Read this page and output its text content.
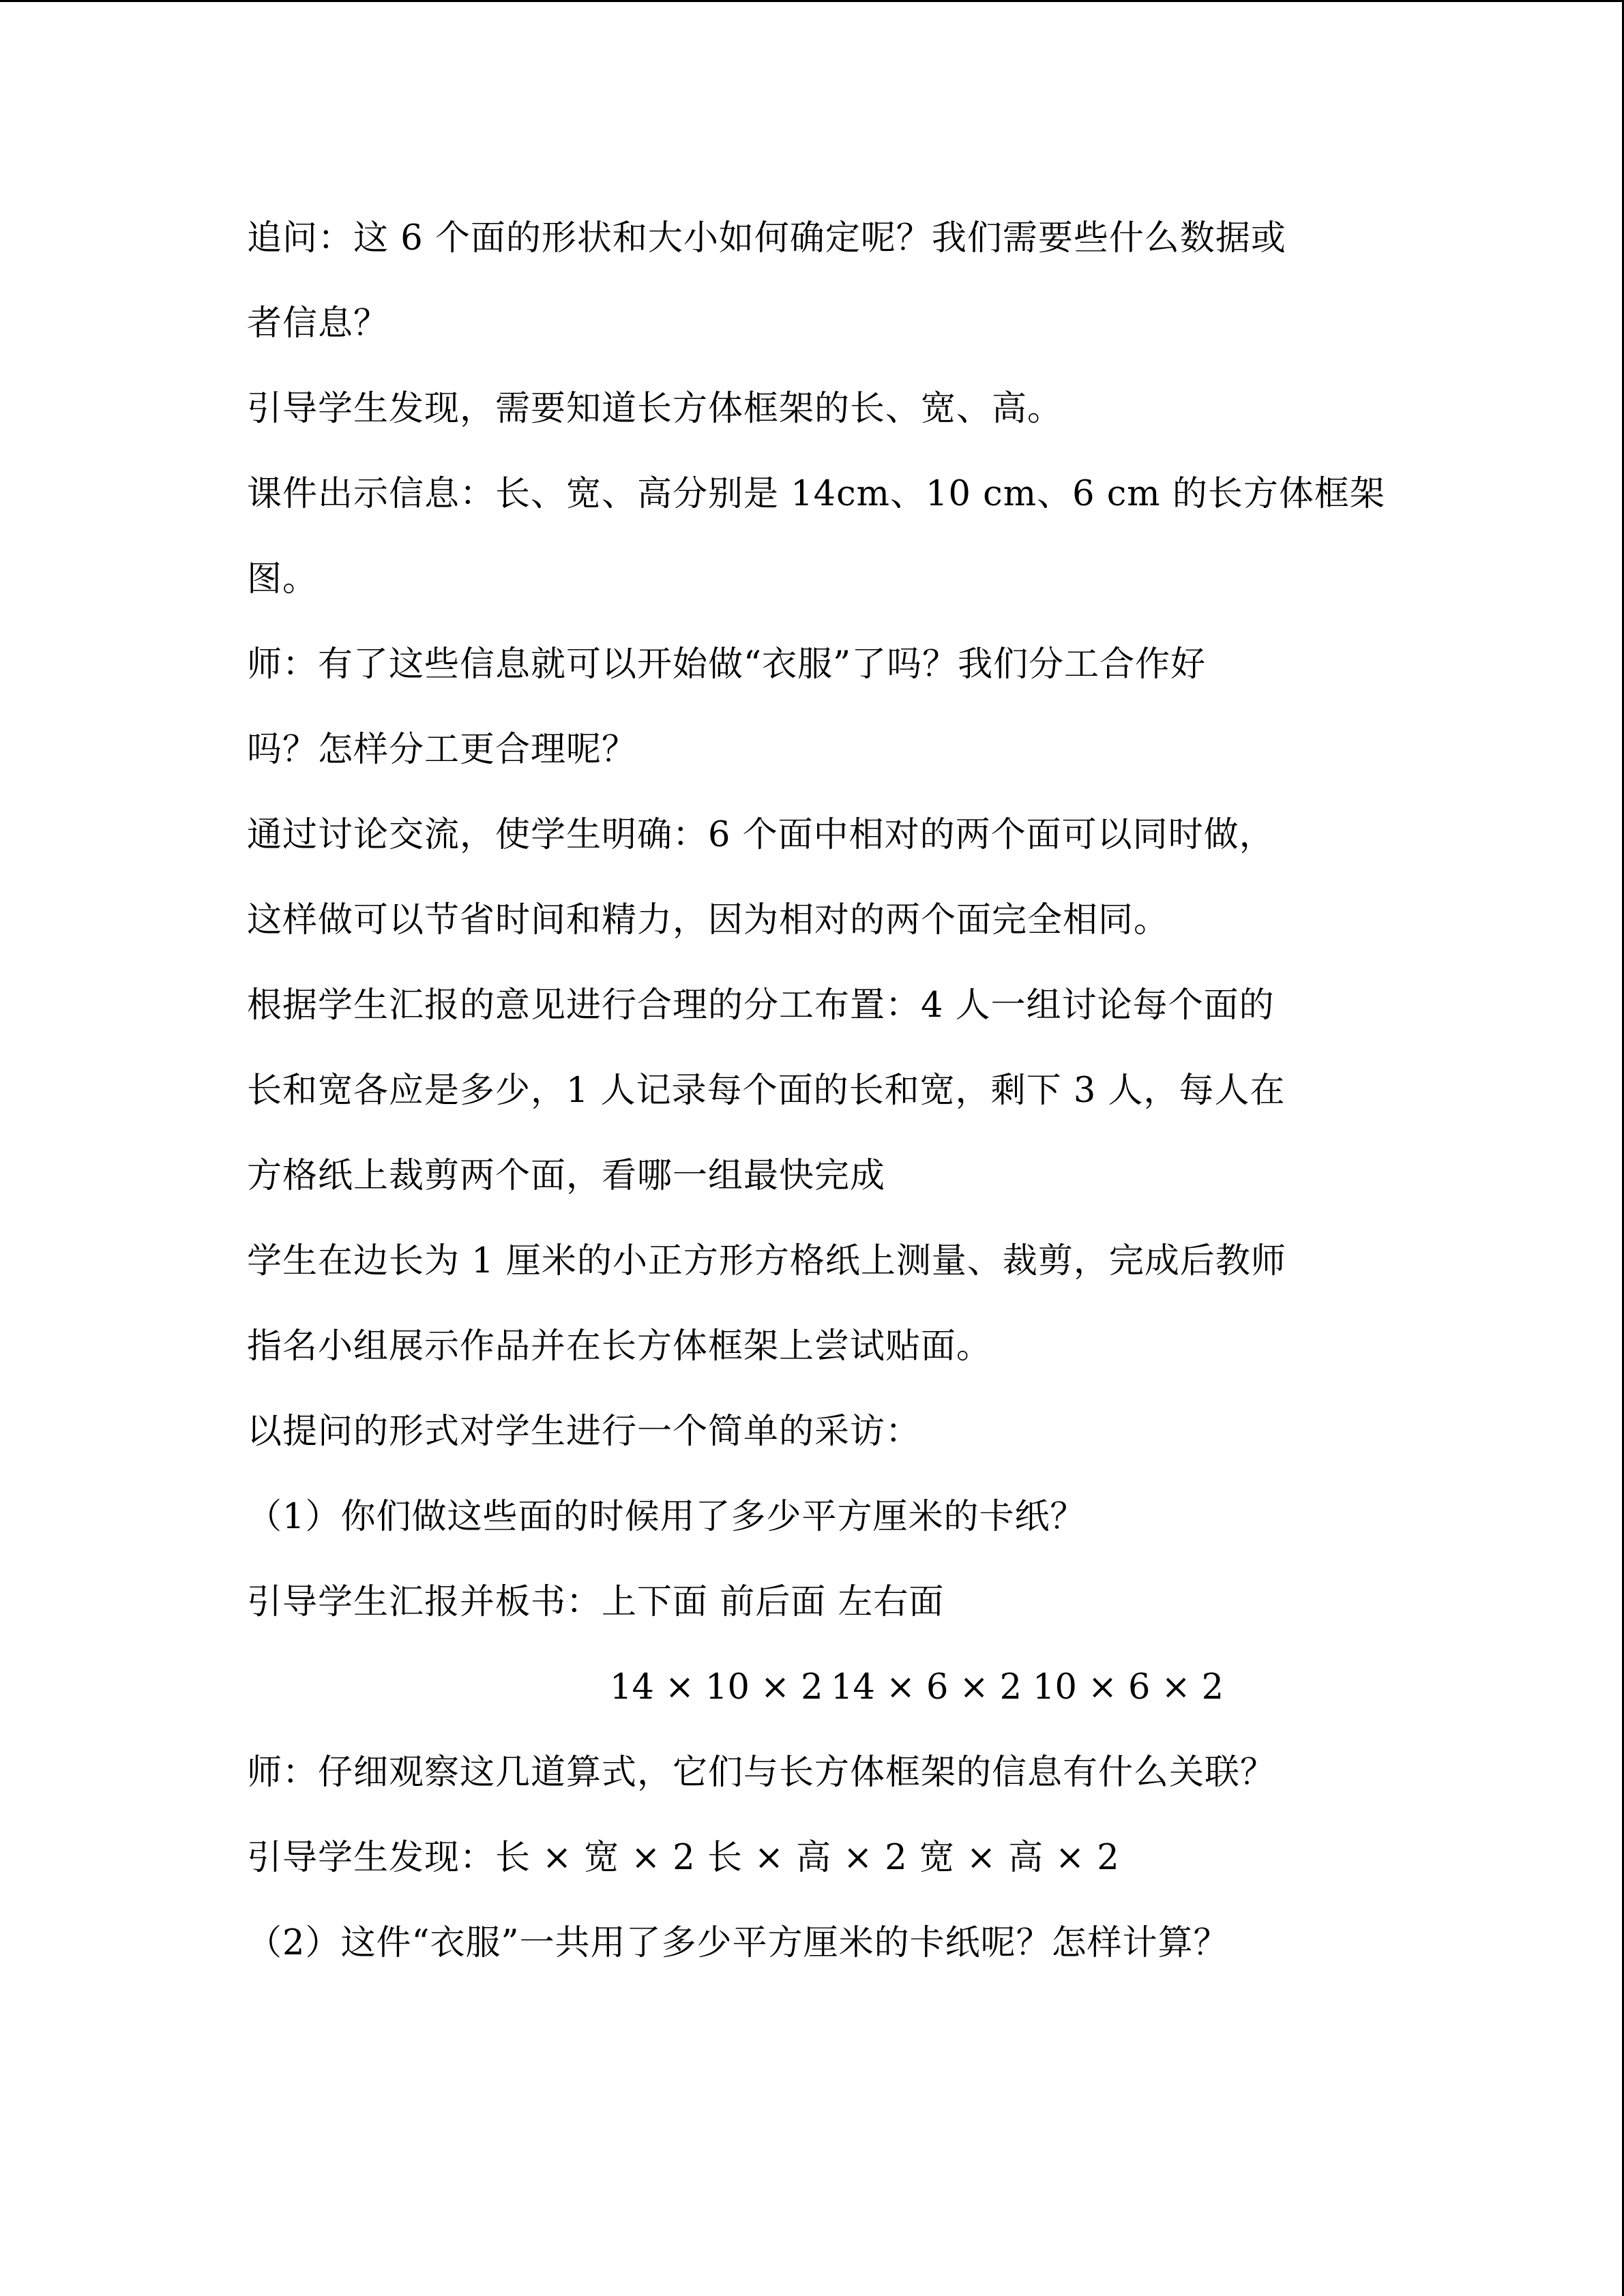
追问：这 6 个面的形状和大小如何确定呢？我们需要些什么数据或
者信息？
引导学生发现，需要知道长方体框架的长、宽、高。
课件出示信息：长、宽、高分别是 14cm、10 cm、6 cm 的长方体框架
图。
师：有了这些信息就可以开始做“衣服”了吗？我们分工合作好
吗？怎样分工更合理呢？
通过讨论交流，使学生明确：6 个面中相对的两个面可以同时做，
这样做可以节省时间和精力，因为相对的两个面完全相同。
根据学生汇报的意见进行合理的分工布置：4 人一组讨论每个面的
长和宽各应是多少，1 人记录每个面的长和宽，剩下 3 人，每人在
方格纸上裁剪两个面，看哪一组最快完成
学生在边长为 1 厘米的小正方形方格纸上测量、裁剪，完成后教师
指名小组展示作品并在长方体框架上尝试贴面。
以提问的形式对学生进行一个简单的采访：
（1）你们做这些面的时候用了多少平方厘米的卡纸？
引导学生汇报并板书：上下面 前后面 左右面
14 × 10 × 2 14 × 6 × 2 10 × 6 × 2
师：仔细观察这几道算式，它们与长方体框架的信息有什么关联？
引导学生发现：长 × 宽 × 2 长 × 高 × 2 宽 × 高 × 2
（2）这件“衣服”一共用了多少平方厘米的卡纸呢？怎样计算？
